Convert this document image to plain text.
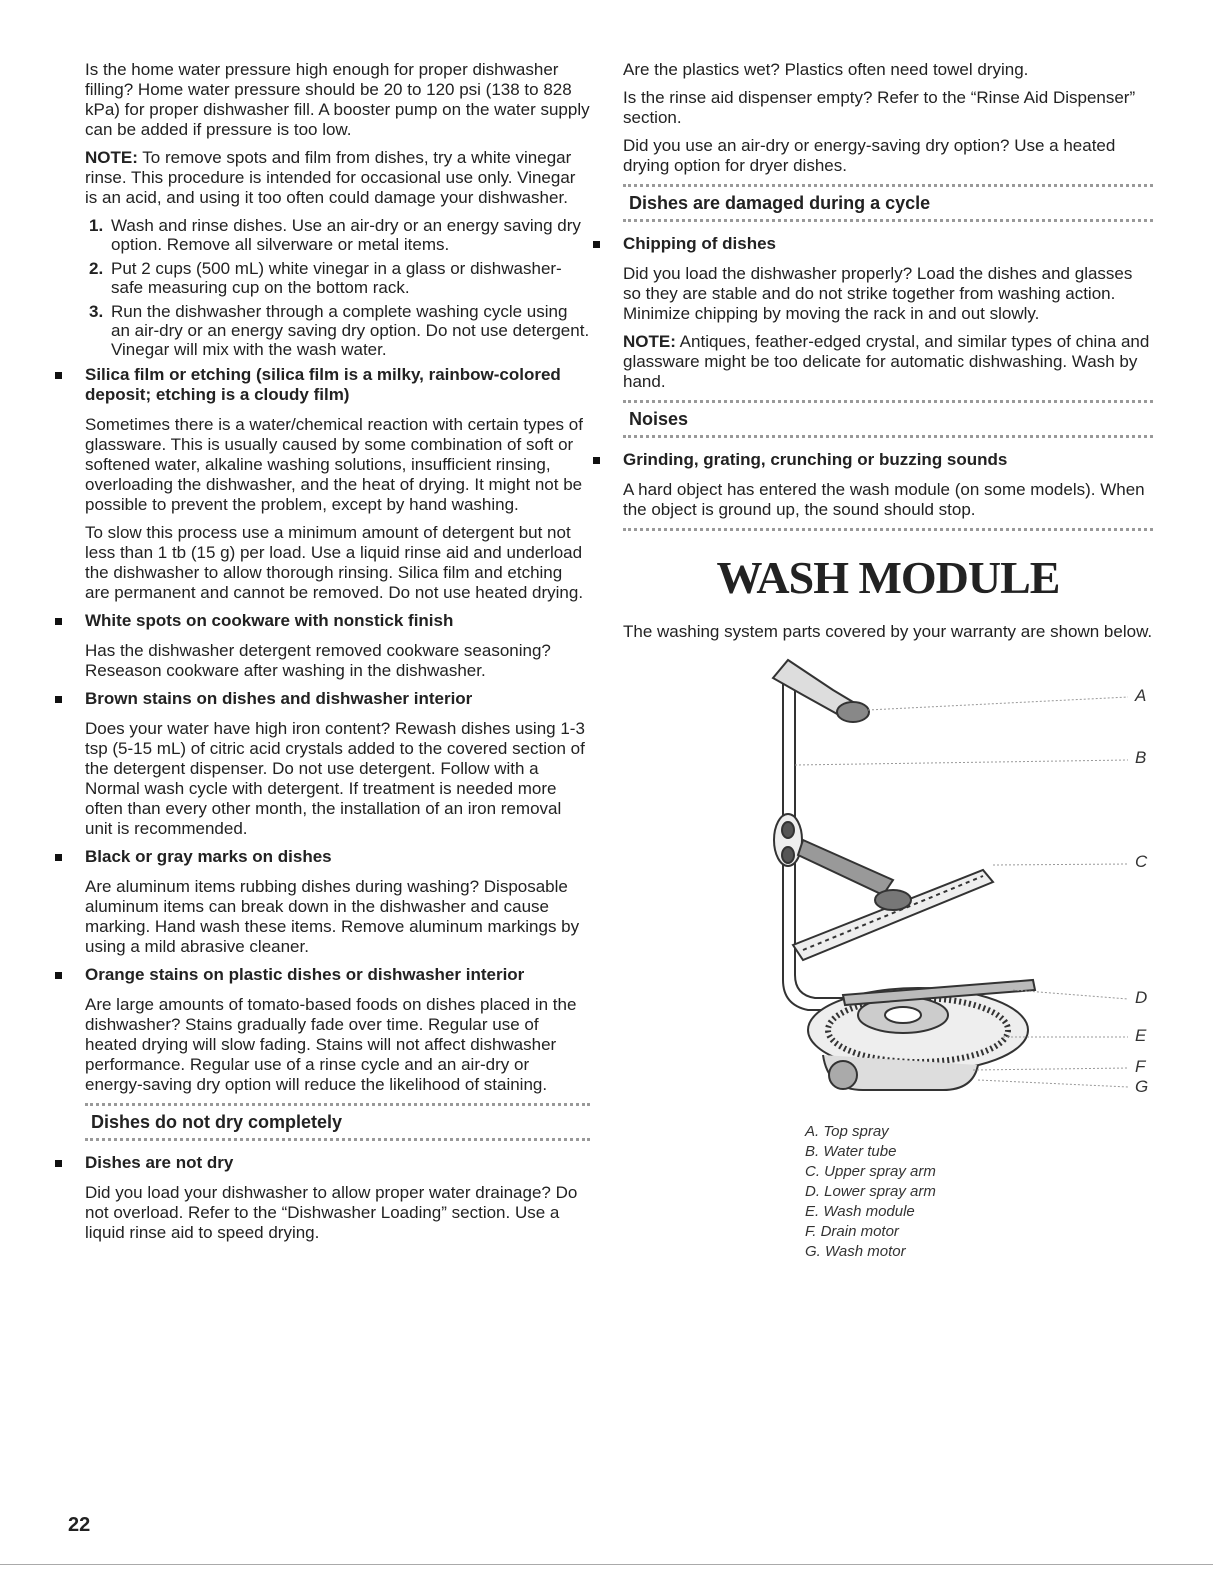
Is the home water pressure high enough for proper dishwasher filling? Home water pressure should be 20 to 120 psi (138 to 828 kPa) for proper dishwasher fill. A booster pump on the water supply can be added if pressure is too low.

NOTE: To remove spots and film from dishes, try a white vinegar rinse. This procedure is intended for occasional use only. Vinegar is an acid, and using it too often could damage your dishwasher.

1. Wash and rinse dishes. Use an air-dry or an energy saving dry option. Remove all silverware or metal items.
2. Put 2 cups (500 mL) white vinegar in a glass or dishwasher-safe measuring cup on the bottom rack.
3. Run the dishwasher through a complete washing cycle using an air-dry or an energy saving dry option. Do not use detergent. Vinegar will mix with the wash water.
Silica film or etching (silica film is a milky, rainbow-colored deposit; etching is a cloudy film)

Sometimes there is a water/chemical reaction with certain types of glassware. This is usually caused by some combination of soft or softened water, alkaline washing solutions, insufficient rinsing, overloading the dishwasher, and the heat of drying. It might not be possible to prevent the problem, except by hand washing.

To slow this process use a minimum amount of detergent but not less than 1 tb (15 g) per load. Use a liquid rinse aid and underload the dishwasher to allow thorough rinsing. Silica film and etching are permanent and cannot be removed. Do not use heated drying.

White spots on cookware with nonstick finish

Has the dishwasher detergent removed cookware seasoning? Reseason cookware after washing in the dishwasher.

Brown stains on dishes and dishwasher interior

Does your water have high iron content? Rewash dishes using 1-3 tsp (5-15 mL) of citric acid crystals added to the covered section of the detergent dispenser. Do not use detergent. Follow with a Normal wash cycle with detergent. If treatment is needed more often than every other month, the installation of an iron removal unit is recommended.

Black or gray marks on dishes

Are aluminum items rubbing dishes during washing? Disposable aluminum items can break down in the dishwasher and cause marking. Hand wash these items. Remove aluminum markings by using a mild abrasive cleaner.

Orange stains on plastic dishes or dishwasher interior

Are large amounts of tomato-based foods on dishes placed in the dishwasher? Stains gradually fade over time. Regular use of heated drying will slow fading. Stains will not affect dishwasher performance. Regular use of a rinse cycle and an air-dry or energy-saving dry option will reduce the likelihood of staining.

Dishes do not dry completely
Dishes are not dry

Did you load your dishwasher to allow proper water drainage? Do not overload. Refer to the “Dishwasher Loading” section. Use a liquid rinse aid to speed drying.

Are the plastics wet? Plastics often need towel drying.

Is the rinse aid dispenser empty? Refer to the “Rinse Aid Dispenser” section.

Did you use an air-dry or energy-saving dry option? Use a heated drying option for dryer dishes.

Dishes are damaged during a cycle
Chipping of dishes

Did you load the dishwasher properly? Load the dishes and glasses so they are stable and do not strike together from washing action. Minimize chipping by moving the rack in and out slowly.

NOTE: Antiques, feather-edged crystal, and similar types of china and glassware might be too delicate for automatic dishwashing. Wash by hand.

Noises
Grinding, grating, crunching or buzzing sounds

A hard object has entered the wash module (on some models). When the object is ground up, the sound should stop.

WASH MODULE

The washing system parts covered by your warranty are shown below.

A
B
C
D
E
F
G
A. Top spray
B. Water tube
C. Upper spray arm
D. Lower spray arm
E. Wash module
F. Drain motor
G. Wash motor
22
